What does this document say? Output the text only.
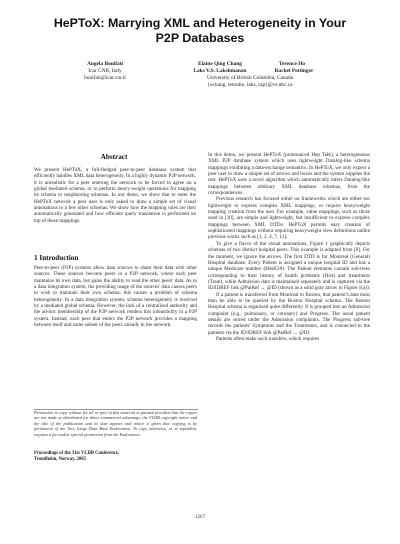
HePToX: Marrying XML and Heterogeneity in Your
P2P Databases
Angela Bonifati
Icar CNR, Italy
bonifati@icar.cnr.it
Elaine Qing Chang	Terence Ho
Laks V.S. Lakshmanan	Rachel Pottinger
University of British Columbia, Canada
{echang, tetonho, laks, rap}@cs.ubc.ca
Abstract
We present HePToX, a full-fledged peer-to-peer database system that efficiently handles XML data heterogeneity. In a highly dynamic P2P network, it is unrealistic for a peer entering the network to be forced to agree on a global mediated schema, or to perform heavy-weight operations for mapping its schema to neighboring schemas. In our demo, we show that to enter the HePToX network a peer user is only asked to draw a simple set of visual annotations to a few other schemas. We show how the mapping rules are then automatically generated and how efficient query translation is performed on top of these mappings.
1 Introduction

Peer-to-peer (P2P) systems allow data sources to share their data with other sources. These sources become peers in a P2P network, where each peer maintains its own data, but gains the ability to read the other peers' data. As in a data integration system, the providing usage of the sources' data causes peers to wish to maintain their own schema; this causes a problem of schema heterogeneity. In a data integration system, schema heterogeneity is resolved by a mediated global schema. However, the lack of a centralized authority and the ad-hoc membership of the P2P network renders this infeasibility in a P2P system. Instead, each peer that enters the P2P network provides a mapping between itself and some subset of the peers already in the network.

Permission to copy without fee all or part of this material is granted provided that the copies are not made or distributed for direct commercial advantage, the VLDB copyright notice and the title of the publication and its date appear, and notice is given that copying is by permission of the Very Large Data Base Endowment. To copy otherwise, or to republish, requires a fee and/or special permission from the Endowment.
Proceedings of the 31st VLDB Conference,
Trondheim, Norway, 2005

In this demo, we present HePToX (pronounced Hep Talk), a heterogeneous XML P2P database system which uses lightweight Datalog-like schema mappings exhibiting a data-exchange semantics. In HePToX, we only expect a peer user to draw a simple set of arrows and boxes and the system supplies the rest. HePToX uses a novel algorithm which automatically infers Datalog-like mappings between arbitrary XML database schemas, from the correspondences.

Previous research has focused either on frameworks which are either too lightweight to express complex XML mappings, or require heavyweight mapping creation from the user. For example, value mappings, such as those used in [10], are simple and lightweight, but insufficient to express complex mappings between XML DTDs. HePToX permits easy creation of sophisticated mappings without requiring heavyweight view definitions unlike previous works such as [1, 2, 4, 7, 11].

To give a flavor of the visual annotations, Figure 1 graphically depicts schemas of two distinct hospital peers. This example is adapted from [9]. For the moment, we ignore the arrows. The first DTD is for Montreal (General) Hospital database. Every Patient is assigned a unique hospital ID and has a unique Medicare number (MedCr#). The Patient elements contain sub-trees corresponding to their history of health problems (Hist) and treatments (Treat), while Admission data is maintained separately and is captured via the ID/IDREF link @PatRef → @ID (shown as a solid gray arrow in Figure 1(a)).

If a patient is transferred from Montreal to Boston, that patient's data must then be able to be queried by the Boston Hospital schema. The Boston Hospital schema is organized quite differently. It is grouped into an Admission complaint (e.g., pulmonary, or coronary) and Progress. The usual patient details are stored under the Admission complaints. The Progress sub-tree records the patients' Symptoms and the Treatments, and is connected to the patients via the ID/IDREF link @PatRef → @ID.

Patients often make such transfers, which requires

1267
